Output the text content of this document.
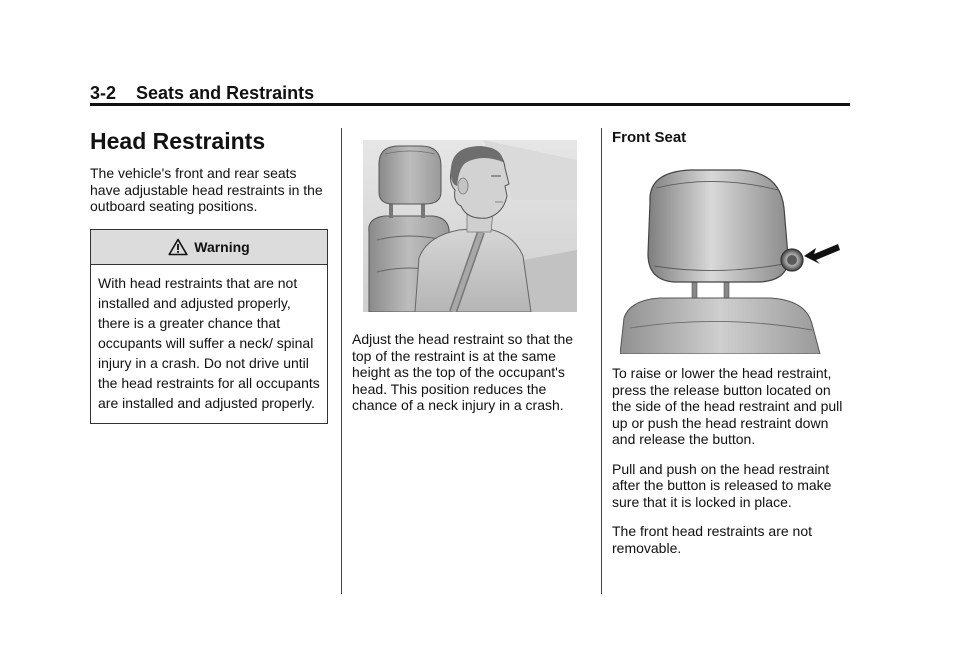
3-2 Seats and Restraints
Head Restraints

The vehicle's front and rear seats have adjustable head restraints in the outboard seating positions.

Warning
With head restraints that are not installed and adjusted properly, there is a greater chance that occupants will suffer a neck/ spinal injury in a crash. Do not drive until the head restraints for all occupants are installed and adjusted properly.

Adjust the head restraint so that the top of the restraint is at the same height as the top of the occupant's head. This position reduces the chance of a neck injury in a crash.

Front Seat

To raise or lower the head restraint, press the release button located on the side of the head restraint and pull up or push the head restraint down and release the button.

Pull and push on the head restraint after the button is released to make sure that it is locked in place.

The front head restraints are not removable.
